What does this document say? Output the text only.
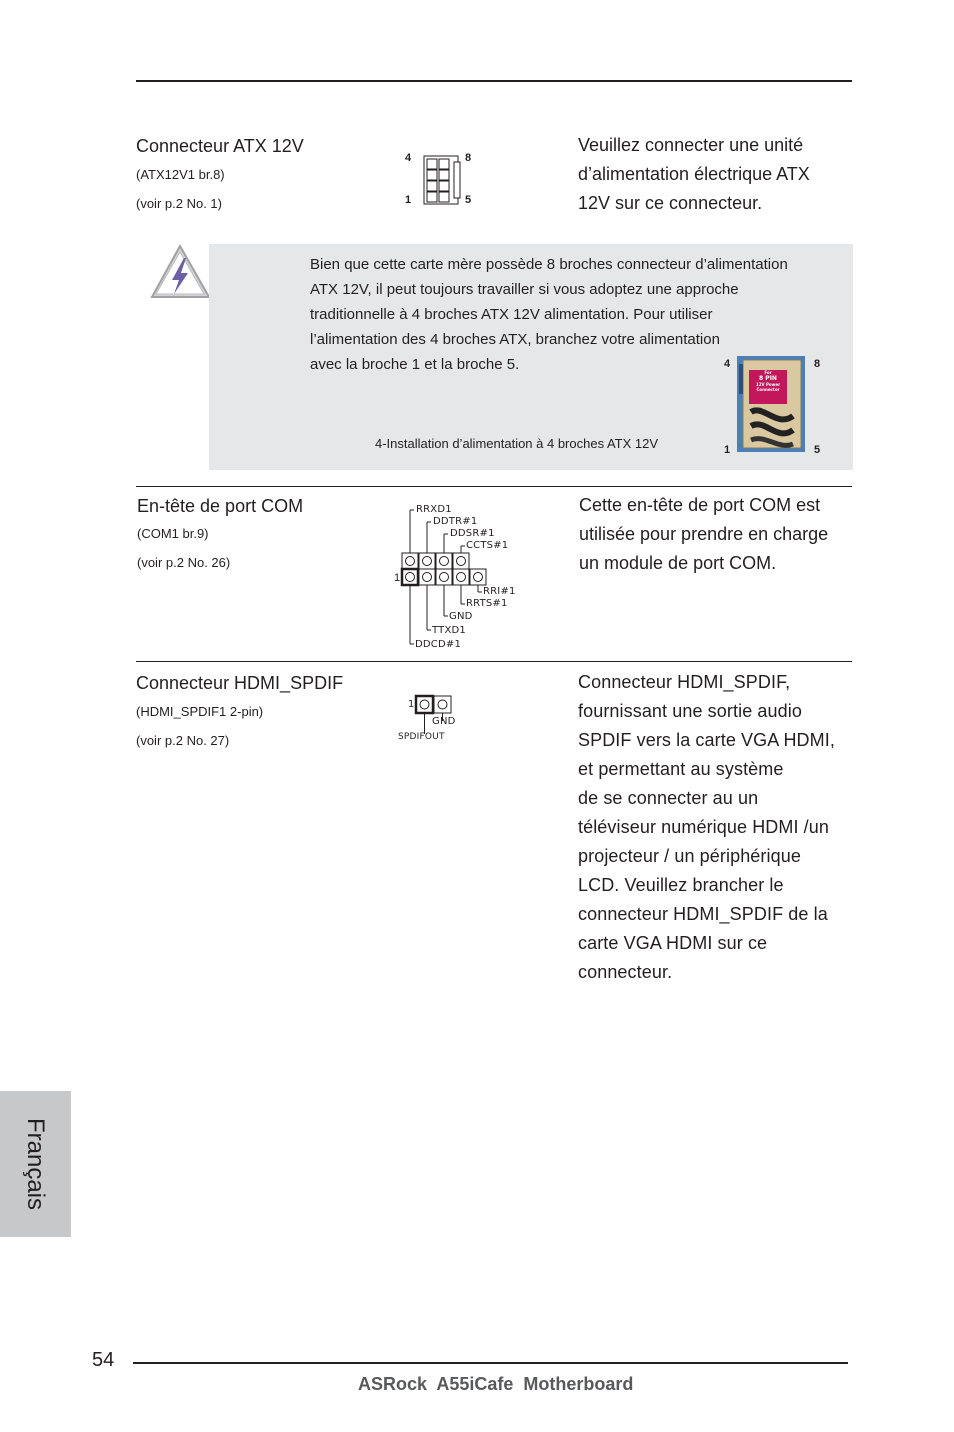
Connecteur ATX 12V
(ATX12V1 br.8)
(voir p.2 No. 1)
4	8
1	5
Veuillez connecter une unité
d’alimentation électrique ATX
12V sur ce connecteur.
Bien que cette carte mère possède 8 broches connecteur d’alimentation
ATX 12V, il peut toujours travailler si vous adoptez une approche
traditionnelle à 4 broches ATX 12V alimentation. Pour utiliser
l’alimentation des 4 broches ATX, branchez votre alimentation
avec la broche 1 et la broche 5.
4-Installation d’alimentation à 4 broches ATX 12V
4	8
1	5
For
8 PIN
12V Power
Connector
En-tête de port COM
(COM1 br.9)
(voir p.2 No. 26)
1
RRXD1
DDTR#1
DDSR#1
CCTS#1
RRI#1
RRTS#1
GND
TTXD1
DDCD#1
Cette en-tête de port COM est
utilisée pour prendre en charge
un module de port COM.
Connecteur HDMI_SPDIF
(HDMI_SPDIF1 2-pin)
(voir p.2 No. 27)
1
GND
SPDIFOUT
Connecteur HDMI_SPDIF,
fournissant une sortie audio
SPDIF vers la carte VGA HDMI,
et permettant au système
de se connecter au un
téléviseur numérique HDMI /un
projecteur / un périphérique
LCD. Veuillez brancher le
connecteur HDMI_SPDIF de la
carte VGA HDMI sur ce
connecteur.
Français
54
ASRock  A55iCafe  Motherboard
